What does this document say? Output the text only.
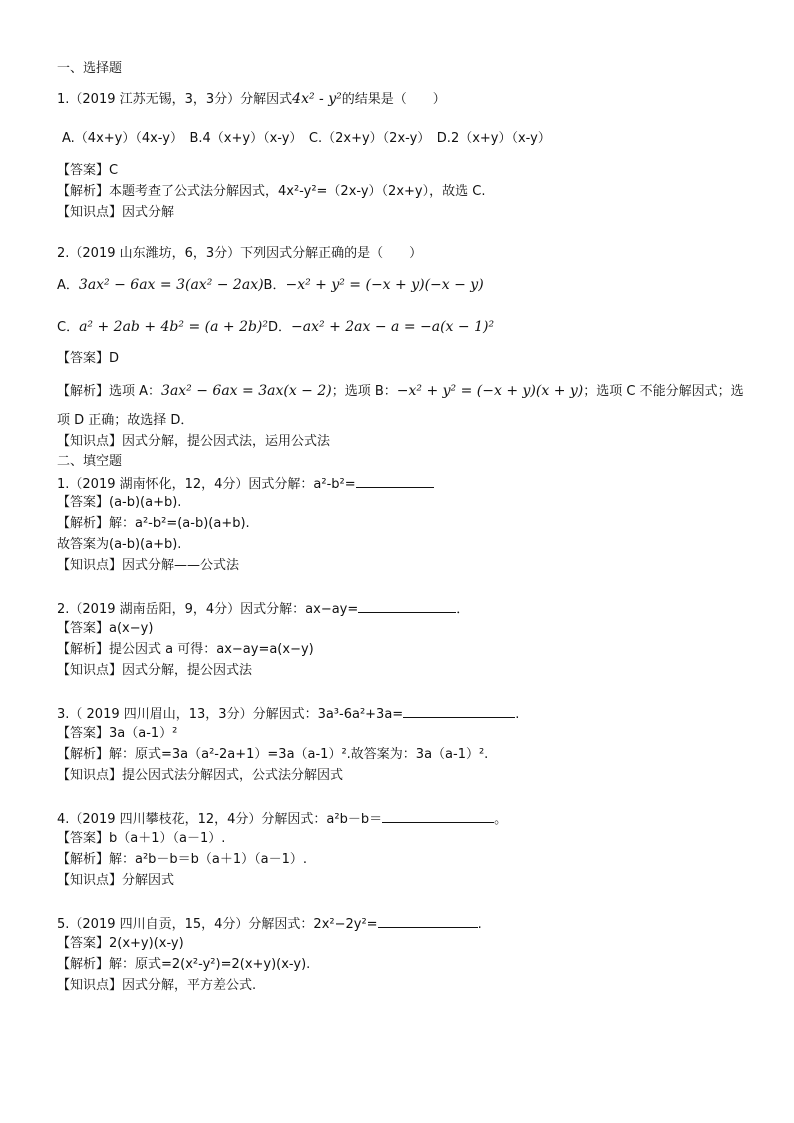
一、选择题
1.（2019 江苏无锡，3，3分）分解因式4x² - y²的结果是（　　）
A.（4x+y）（4x-y）　B.4（x+y）（x-y）　C.（2x+y）（2x-y）　D.2（x+y）（x-y）
【答案】C
【解析】本题考查了公式法分解因式，4x²-y²=（2x-y）（2x+y），故选 C.
【知识点】因式分解
2.（2019 山东潍坊，6，3分）下列因式分解正确的是（　　）
A．3ax² − 6ax = 3(ax² − 2ax)B．−x² + y² = (−x + y)(−x − y)
C．a² + 2ab + 4b² = (a + 2b)²D．−ax² + 2ax − a = −a(x − 1)²
【答案】D
【解析】选项 A：3ax² − 6ax = 3ax(x − 2)；选项 B：−x² + y² = (−x + y)(x + y)；选项 C 不能分解因式；选
项 D 正确；故选择 D．
【知识点】因式分解，提公因式法，运用公式法
二、填空题
1.（2019 湖南怀化，12，4分）因式分解：a²-b²=
【答案】(a-b)(a+b).
【解析】解：a²-b²=(a-b)(a+b).
故答案为(a-b)(a+b).
【知识点】因式分解——公式法
2.（2019 湖南岳阳，9，4分）因式分解：ax−ay=	．
【答案】a(x−y)
【解析】提公因式 a 可得：ax−ay=a(x−y)
【知识点】因式分解，提公因式法
3.（ 2019 四川眉山，13，3分）分解因式：3a³-6a²+3a=	.
【答案】3a（a-1）²
【解析】解：原式=3a（a²-2a+1）=3a（a-1）².故答案为：3a（a-1）².
【知识点】提公因式法分解因式，公式法分解因式
4.（2019 四川攀枝花，12，4分）分解因式：a²b－b＝	。
【答案】b（a＋1）（a－1）.
【解析】解：a²b－b＝b（a＋1）（a－1）.
【知识点】分解因式
5.（2019 四川自贡，15，4分）分解因式：2x²−2y²=	.
【答案】2(x+y)(x-y)
【解析】解：原式=2(x²-y²)=2(x+y)(x-y).
【知识点】因式分解，平方差公式.
